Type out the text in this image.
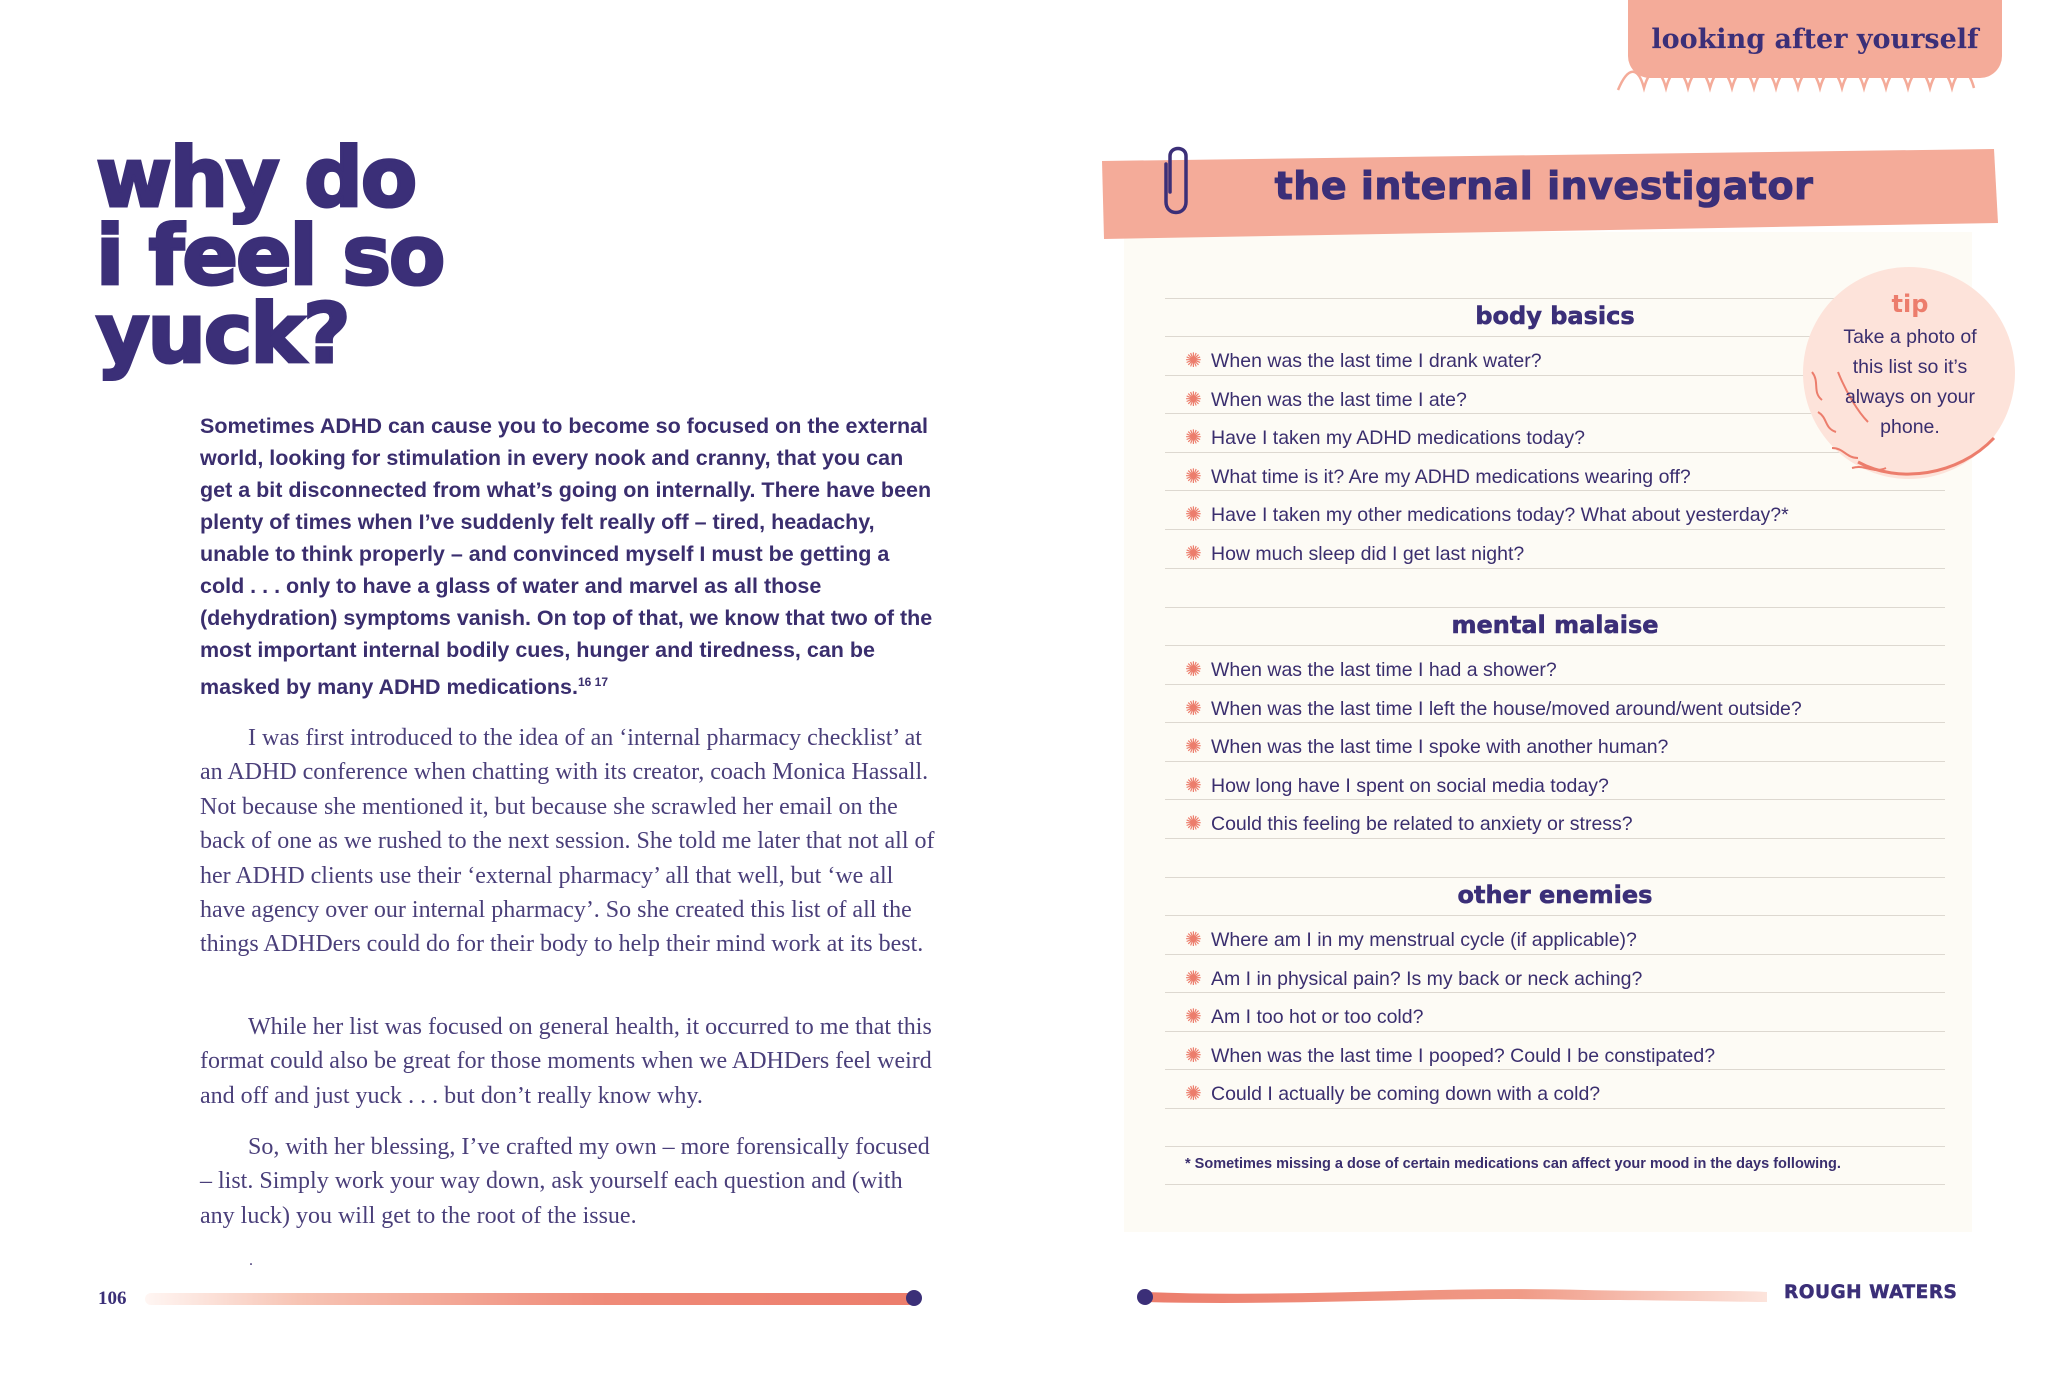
why do
i feel so
yuck?
Sometimes ADHD can cause you to become so focused on the external world, looking for stimulation in every nook and cranny, that you can get a bit disconnected from what’s going on internally. There have been plenty of times when I’ve suddenly felt really off – tired, headachy, unable to think properly – and convinced myself I must be getting a cold . . . only to have a glass of water and marvel as all those (dehydration) symptoms vanish. On top of that, we know that two of the most important internal bodily cues, hunger and tiredness, can be masked by many ADHD medications.$^{16 17}$
I was first introduced to the idea of an ‘internal pharmacy checklist’ at an ADHD conference when chatting with its creator, coach Monica Hassall. Not because she mentioned it, but because she scrawled her email on the back of one as we rushed to the next session. She told me later that not all of her ADHD clients use their ‘external pharmacy’ all that well, but ‘we all have agency over our internal pharmacy’. So she created this list of all the things ADHDers could do for their body to help their mind work at its best.
While her list was focused on general health, it occurred to me that this format could also be great for those moments when we ADHDers feel weird and off and just yuck . . . but don’t really know why.
So, with her blessing, I’ve crafted my own – more forensically focused – list. Simply work your way down, ask yourself each question and (with any luck) you will get to the root of the issue.
.
106
looking after yourself
the internal investigator
body basics
✺ When was the last time I drank water?
✺ When was the last time I ate?
✺ Have I taken my ADHD medications today?
✺ What time is it? Are my ADHD medications wearing off?
✺ Have I taken my other medications today? What about yesterday?*
✺ How much sleep did I get last night?
mental malaise
✺ When was the last time I had a shower?
✺ When was the last time I left the house/moved around/went outside?
✺ When was the last time I spoke with another human?
✺ How long have I spent on social media today?
✺ Could this feeling be related to anxiety or stress?
other enemies
✺ Where am I in my menstrual cycle (if applicable)?
✺ Am I in physical pain? Is my back or neck aching?
✺ Am I too hot or too cold?
✺ When was the last time I pooped? Could I be constipated?
✺ Could I actually be coming down with a cold?
* Sometimes missing a dose of certain medications can affect your mood in the days following.
tip
Take a photo of this list so it’s always on your phone.
ROUGH WATERS
